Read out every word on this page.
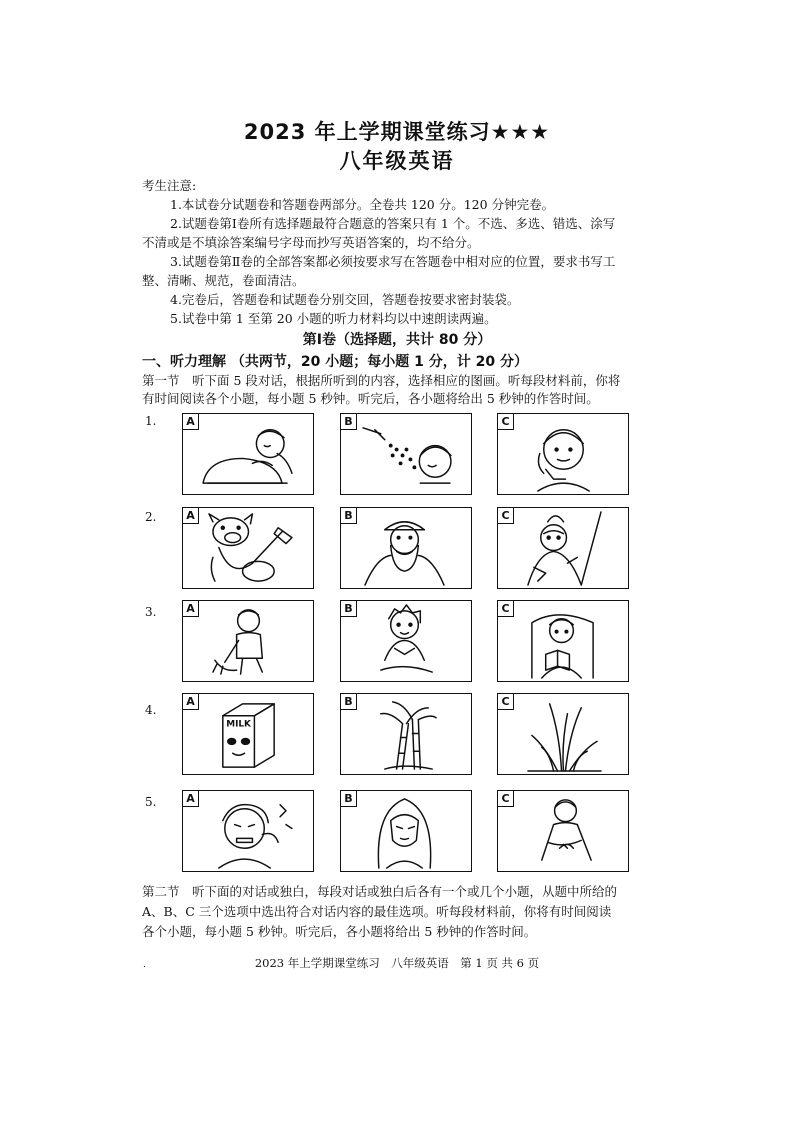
2023 年上学期课堂练习★★★
八年级英语
考生注意:
1.本试卷分试题卷和答题卷两部分。全卷共 120 分。120 分钟完卷。
2.试题卷第Ⅰ卷所有选择题最符合题意的答案只有 1 个。不选、多选、错选、涂写
不清或是不填涂答案编号字母而抄写英语答案的，均不给分。
3.试题卷第Ⅱ卷的全部答案都必须按要求写在答题卷中相对应的位置，要求书写工
整、清晰、规范，卷面清洁。
4.完卷后，答题卷和试题卷分别交回，答题卷按要求密封装袋。
5.试卷中第 1 至第 20 小题的听力材料均以中速朗读两遍。
第Ⅰ卷（选择题，共计 80 分）
一、听力理解 （共两节，20 小题；每小题 1 分，计 20 分）
第一节　听下面 5 段对话，根据所听到的内容，选择相应的图画。听每段材料前，你将
有时间阅读各个小题，每小题 5 秒钟。听完后，各小题将给出 5 秒钟的作答时间。
1.	A	B	C
2.	A	B	C
3.	A	B	C
4.
A
MILK
B	C
5.	A	B	C
第二节　听下面的对话或独白，每段对话或独白后各有一个或几个小题，从题中所给的
A、B、C 三个选项中选出符合对话内容的最佳选项。听每段材料前，你将有时间阅读
各个小题，每小题 5 秒钟。听完后，各小题将给出 5 秒钟的作答时间。
.	2023 年上学期课堂练习　八年级英语　第 1 页 共 6 页
